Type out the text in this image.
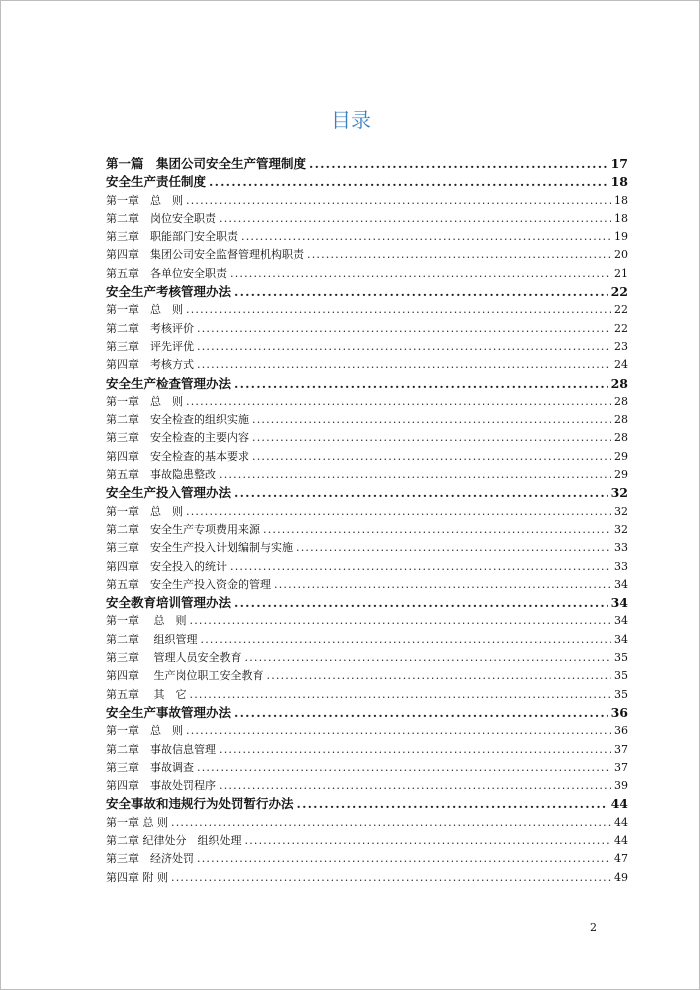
目录
第一篇　集团公司安全生产管理制度 .....	17
安全生产责任制度 .....	18
第一章　总　则 .....	18
第二章　岗位安全职责 .....	18
第三章　职能部门安全职责 .....	19
第四章　集团公司安全监督管理机构职责 .....	20
第五章　各单位安全职责 .....	21
安全生产考核管理办法 .....	22
第一章　总　则 .....	22
第二章　考核评价 .....	22
第三章　评先评优 .....	23
第四章　考核方式 .....	24
安全生产检查管理办法 .....	28
第一章　总　则 .....	28
第二章　安全检查的组织实施 .....	28
第三章　安全检查的主要内容 .....	28
第四章　安全检查的基本要求 .....	29
第五章　事故隐患整改 .....	29
安全生产投入管理办法 .....	32
第一章　总　则 .....	32
第二章　安全生产专项费用来源 .....	32
第三章　安全生产投入计划编制与实施 .....	33
第四章　安全投入的统计 .....	33
第五章　安全生产投入资金的管理 .....	34
安全教育培训管理办法 .....	34
第一章　 总　则 .....	34
第二章　 组织管理 .....	34
第三章　 管理人员安全教育 .....	35
第四章　 生产岗位职工安全教育 .....	35
第五章　 其　它 .....	35
安全生产事故管理办法 .....	36
第一章　总　则 .....	36
第二章　事故信息管理 .....	37
第三章　事故调查 .....	37
第四章　事故处罚程序 .....	39
安全事故和违规行为处罚暂行办法 .....	44
第一章 总 则 .....	44
第二章 纪律处分　组织处理 .....	44
第三章　经济处罚 .....	47
第四章 附 则 .....	49
2
